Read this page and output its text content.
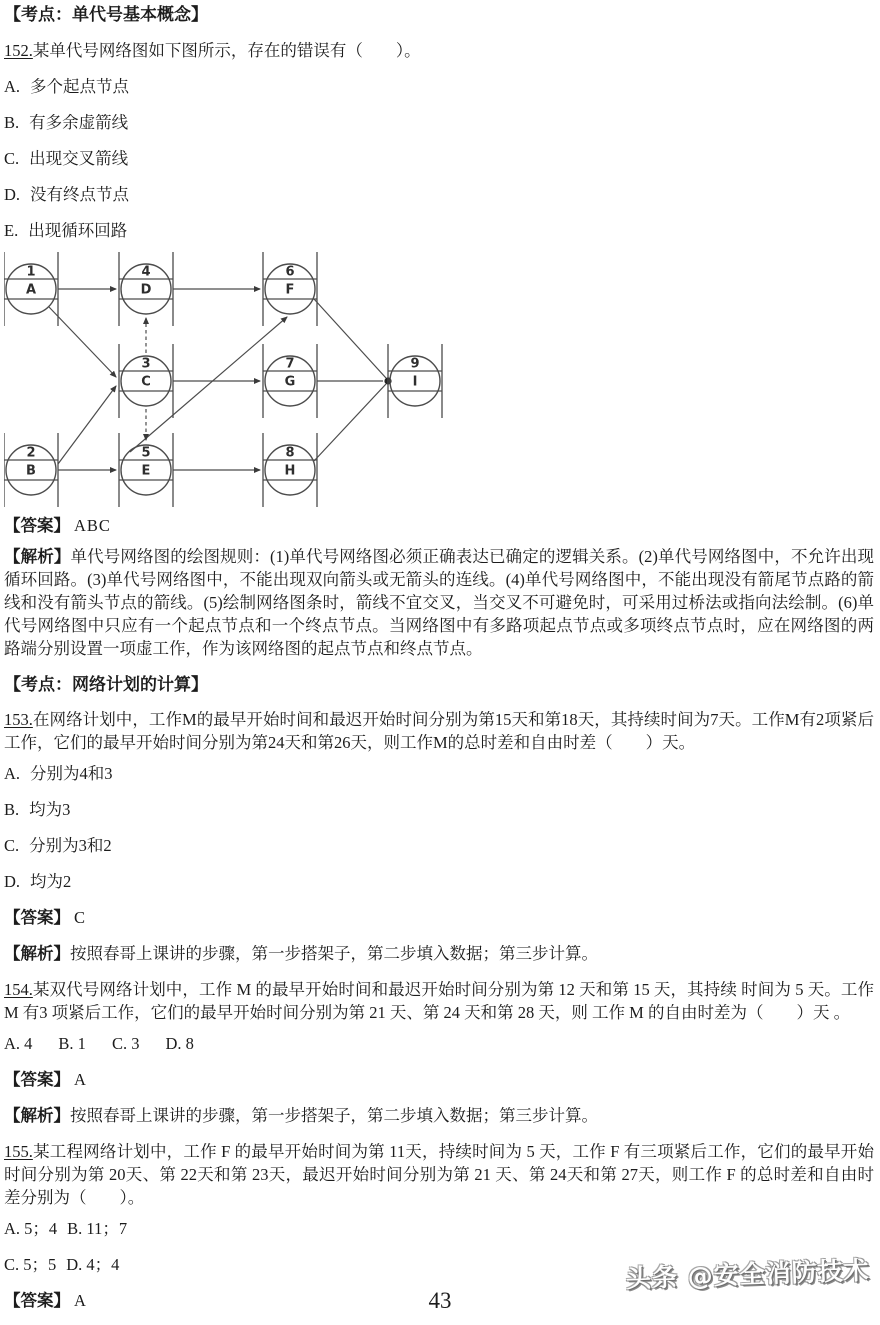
【考点：单代号基本概念】

152.某单代号网络图如下图所示，存在的错误有（　　）。

A. 多个起点节点

B. 有多余虚箭线

C. 出现交叉箭线

D. 没有终点节点

E. 出现循环回路

1
A
4
D
6
F
3
C
7
G
9
I
2
B
5
E
8
H

【答案】 ABC

【解析】单代号网络图的绘图规则：(1)单代号网络图必须正确表达已确定的逻辑关系。(2)单代号网络图中，不允许出现循环回路。(3)单代号网络图中，不能出现双向箭头或无箭头的连线。(4)单代号网络图中，不能出现没有箭尾节点路的箭线和没有箭头节点的箭线。(5)绘制网络图条时，箭线不宜交叉，当交叉不可避免时，可采用过桥法或指向法绘制。(6)单代号网络图中只应有一个起点节点和一个终点节点。当网络图中有多路项起点节点或多项终点节点时，应在网络图的两路端分别设置一项虚工作，作为该网络图的起点节点和终点节点。

【考点：网络计划的计算】

153.在网络计划中，工作M的最早开始时间和最迟开始时间分别为第15天和第18天，其持续时间为7天。工作M有2项紧后工作，它们的最早开始时间分别为第24天和第26天，则工作M的总时差和自由时差（　　）天。

A. 分别为4和3

B. 均为3

C. 分别为3和2

D. 均为2

【答案】 C

【解析】按照春哥上课讲的步骤，第一步搭架子，第二步填入数据；第三步计算。

154.某双代号网络计划中，工作 M 的最早开始时间和最迟开始时间分别为第 12 天和第 15 天，其持续 时间为 5 天。工作 M 有3 项紧后工作，它们的最早开始时间分别为第 21 天、第 24 天和第 28 天，则 工作 M 的自由时差为（　　）天 。

A. 4 B. 1 C. 3 D. 8

【答案】 A

【解析】按照春哥上课讲的步骤，第一步搭架子，第二步填入数据；第三步计算。

155.某工程网络计划中，工作 F 的最早开始时间为第 11天，持续时间为 5 天，工作 F 有三项紧后工作，它们的最早开始时间分别为第 20天、第 22天和第 23天，最迟开始时间分别为第 21 天、第 24天和第 27天，则工作 F 的总时差和自由时差分别为（　　）。

A. 5；4 B. 11；7

C. 5；5 D. 4；4

【答案】 A	43
头条 @安全消防技术
